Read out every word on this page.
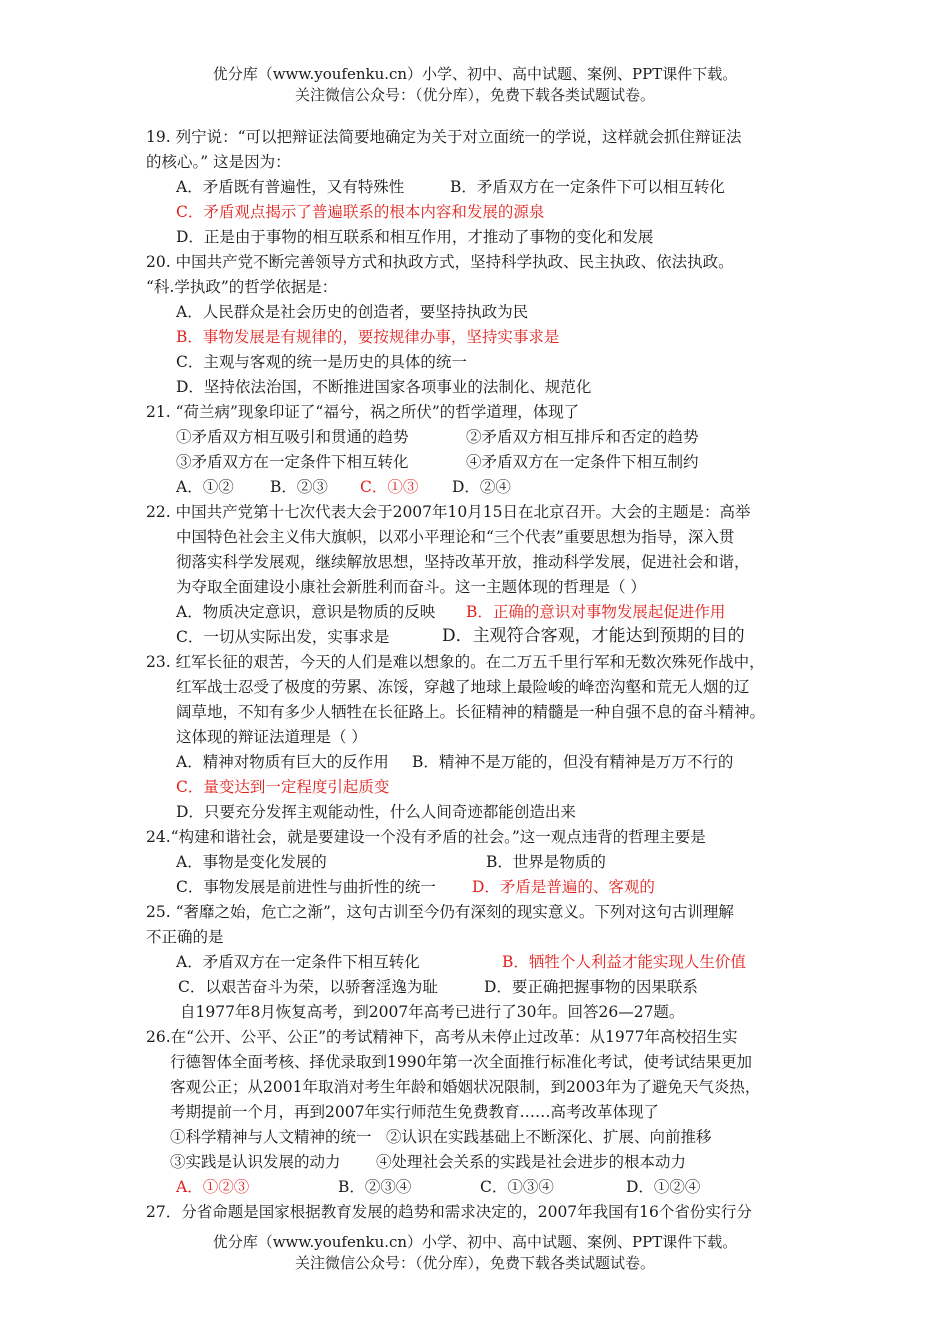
优分库（www.youfenku.cn）小学、初中、高中试题、案例、PPT课件下载。
关注微信公众号：（优分库），免费下载各类试题试卷。
19. 列宁说：“可以把辩证法简要地确定为关于对立面统一的学说，这样就会抓住辩证法
的核心。” 这是因为：
A．矛盾既有普遍性，又有特殊性	B．矛盾双方在一定条件下可以相互转化
C．矛盾观点揭示了普遍联系的根本内容和发展的源泉
D．正是由于事物的相互联系和相互作用，才推动了事物的变化和发展
20. 中国共产党不断完善领导方式和执政方式，坚持科学执政、民主执政、依法执政。
“科.学执政”的哲学依据是：
A．人民群众是社会历史的创造者，要坚持执政为民
B．事物发展是有规律的，要按规律办事，坚持实事求是
C．主观与客观的统一是历史的具体的统一
D．坚持依法治国，不断推进国家各项事业的法制化、规范化
21. “荷兰病”现象印证了“福兮，祸之所伏”的哲学道理，体现了
①矛盾双方相互吸引和贯通的趋势	②矛盾双方相互排斥和否定的趋势
③矛盾双方在一定条件下相互转化	④矛盾双方在一定条件下相互制约
A．①② B．②③ C．①③ D．②④
22. 中国共产党第十七次代表大会于2007年10月15日在北京召开。大会的主题是：高举
中国特色社会主义伟大旗帜，以邓小平理论和“三个代表”重要思想为指导，深入贯
彻落实科学发展观，继续解放思想，坚持改革开放，推动科学发展，促进社会和谐，
为夺取全面建设小康社会新胜利而奋斗。这一主题体现的哲理是（ ）
A．物质决定意识，意识是物质的反映 B．正确的意识对事物发展起促进作用
C．一切从实际出发，实事求是	D．主观符合客观，才能达到预期的目的
23. 红军长征的艰苦，今天的人们是难以想象的。在二万五千里行军和无数次殊死作战中，
红军战士忍受了极度的劳累、冻馁，穿越了地球上最险峻的峰峦沟壑和荒无人烟的辽
阔草地，不知有多少人牺牲在长征路上。长征精神的精髓是一种自强不息的奋斗精神。
这体现的辩证法道理是（ ）
A．精神对物质有巨大的反作用 B．精神不是万能的，但没有精神是万万不行的
C．量变达到一定程度引起质变
D．只要充分发挥主观能动性，什么人间奇迹都能创造出来
24.“构建和谐社会，就是要建设一个没有矛盾的社会。”这一观点违背的哲理主要是
A．事物是变化发展的	B．世界是物质的
C．事物发展是前进性与曲折性的统一 D．矛盾是普遍的、客观的
25. “奢靡之始，危亡之渐”，这句古训至今仍有深刻的现实意义。下列对这句古训理解
不正确的是
A．矛盾双方在一定条件下相互转化	B．牺牲个人利益才能实现人生价值
C．以艰苦奋斗为荣，以骄奢淫逸为耻	D．要正确把握事物的因果联系
自1977年8月恢复高考，到2007年高考已进行了30年。回答26—27题。
26.在“公开、公平、公正”的考试精神下，高考从未停止过改革：从1977年高校招生实
行德智体全面考核、择优录取到1990年第一次全面推行标准化考试，使考试结果更加
客观公正；从2001年取消对考生年龄和婚姻状况限制，到2003年为了避免天气炎热，
考期提前一个月，再到2007年实行师范生免费教育……高考改革体现了
①科学精神与人文精神的统一 ②认识在实践基础上不断深化、扩展、向前推移
③实践是认识发展的动力 ④处理社会关系的实践是社会进步的根本动力
A．①②③	B．②③④	C．①③④	D．①②④
27．分省命题是国家根据教育发展的趋势和需求决定的，2007年我国有16个省份实行分
优分库（www.youfenku.cn）小学、初中、高中试题、案例、PPT课件下载。
关注微信公众号：（优分库），免费下载各类试题试卷。
